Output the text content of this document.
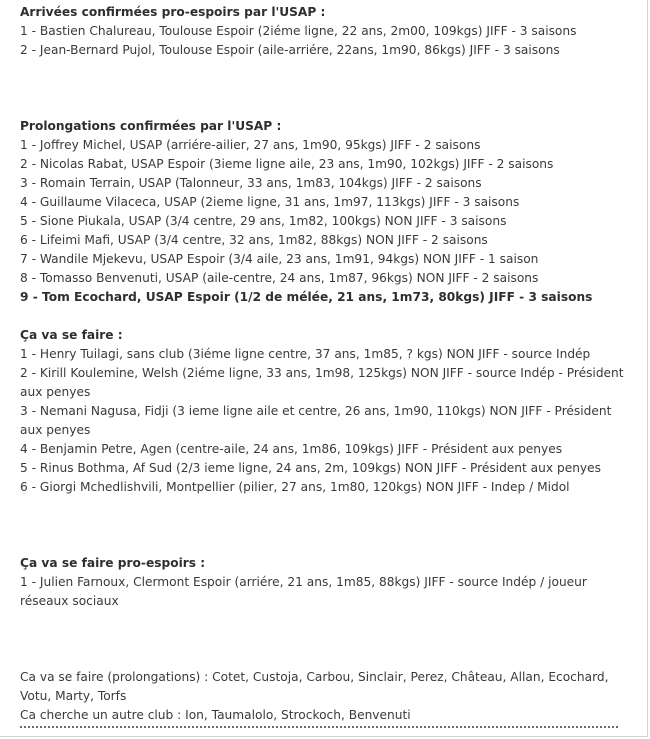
Arrivées confirmées pro-espoirs par l'USAP :
1 - Bastien Chalureau, Toulouse Espoir (2iéme ligne, 22 ans, 2m00, 109kgs) JIFF - 3 saisons
2 - Jean-Bernard Pujol, Toulouse Espoir (aile-arriére, 22ans, 1m90, 86kgs) JIFF - 3 saisons
Prolongations confirmées par l'USAP :
1 - Joffrey Michel, USAP (arriére-ailier, 27 ans, 1m90, 95kgs) JIFF - 2 saisons
2 - Nicolas Rabat, USAP Espoir (3ieme ligne aile, 23 ans, 1m90, 102kgs) JIFF - 2 saisons
3 - Romain Terrain, USAP (Talonneur, 33 ans, 1m83, 104kgs) JIFF - 2 saisons
4 - Guillaume Vilaceca, USAP (2ieme ligne, 31 ans, 1m97, 113kgs) JIFF - 3 saisons
5 - Sione Piukala, USAP (3/4 centre, 29 ans, 1m82, 100kgs) NON JIFF - 3 saisons
6 - Lifeimi Mafi, USAP (3/4 centre, 32 ans, 1m82, 88kgs) NON JIFF - 2 saisons
7 - Wandile Mjekevu, USAP Espoir (3/4 aile, 23 ans, 1m91, 94kgs) NON JIFF - 1 saison
8 - Tomasso Benvenuti, USAP (aile-centre, 24 ans, 1m87, 96kgs) NON JIFF - 2 saisons
9 - Tom Ecochard, USAP Espoir (1/2 de mélée, 21 ans, 1m73, 80kgs) JIFF - 3 saisons
Ça va se faire :
1 - Henry Tuilagi, sans club (3iéme ligne centre, 37 ans, 1m85, ? kgs) NON JIFF - source Indép
2 - Kirill Koulemine, Welsh (2iéme ligne, 33 ans, 1m98, 125kgs) NON JIFF - source Indép - Président aux penyes
3 - Nemani Nagusa, Fidji (3 ieme ligne aile et centre, 26 ans, 1m90, 110kgs) NON JIFF - Président aux penyes
4 - Benjamin Petre, Agen (centre-aile, 24 ans, 1m86, 109kgs) JIFF - Président aux penyes
5 - Rinus Bothma, Af Sud (2/3 ieme ligne, 24 ans, 2m, 109kgs) NON JIFF - Président aux penyes
6 - Giorgi Mchedlishvili, Montpellier (pilier, 27 ans, 1m80, 120kgs) NON JIFF - Indep / Midol
Ça va se faire pro-espoirs :
1 - Julien Farnoux, Clermont Espoir (arriére, 21 ans, 1m85, 88kgs) JIFF - source Indép / joueur réseaux sociaux
Ca va se faire (prolongations) : Cotet, Custoja, Carbou, Sinclair, Perez, Château, Allan, Ecochard, Votu, Marty, Torfs
Ca cherche un autre club : Ion, Taumalolo, Strockoch, Benvenuti
